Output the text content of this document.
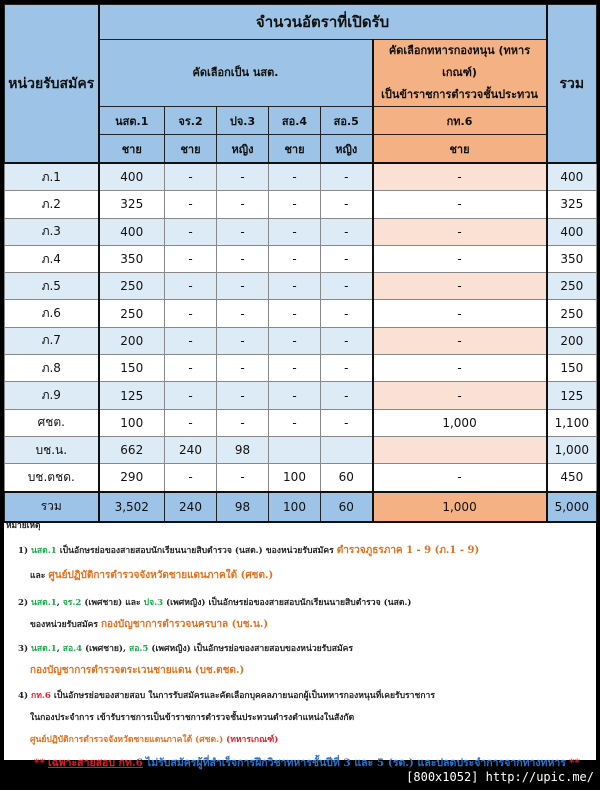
หน่วยรับสมัคร	จำนวนอัตราที่เปิดรับ						รวม
	คัดเลือกเป็น นสต.					คัดเลือกทหารกองหนุน (ทหารเกณฑ์)
เป็นข้าราชการตำรวจชั้นประทวน	

	นสต.1	จร.2	ปจ.3	สอ.4	สอ.5	กท.6	
	ชาย	ชาย	หญิง	ชาย	หญิง	ชาย	
ภ.1	400	-	-	-	-	-	400
ภ.2	325	-	-	-	-	-	325
ภ.3	400	-	-	-	-	-	400
ภ.4	350	-	-	-	-	-	350
ภ.5	250	-	-	-	-	-	250
ภ.6	250	-	-	-	-	-	250
ภ.7	200	-	-	-	-	-	200
ภ.8	150	-	-	-	-	-	150
ภ.9	125	-	-	-	-	-	125
ศชต.	100	-	-	-	-	1,000	1,100
บช.น.	662	240	98				1,000
บช.ตชด.	290	-	-	100	60	-	450
รวม	3,502	240	98	100	60	1,000	5,000
หมายเหตุ
1) นสต.1 เป็นอักษรย่อของสายสอบนักเรียนนายสิบตำรวจ (นสต.) ของหน่วยรับสมัคร ตำรวจภูธรภาค 1 - 9 (ภ.1 - 9)
และ ศูนย์ปฏิบัติการตำรวจจังหวัดชายแดนภาคใต้ (ศชต.)
2) นสต.1, จร.2 (เพศชาย) และ ปจ.3 (เพศหญิง) เป็นอักษรย่อของสายสอบนักเรียนนายสิบตำรวจ (นสต.)
ของหน่วยรับสมัคร กองบัญชาการตำรวจนครบาล (บช.น.)
3) นสต.1, สอ.4 (เพศชาย), สอ.5 (เพศหญิง) เป็นอักษรย่อของสายสอบของหน่วยรับสมัคร
กองบัญชาการตำรวจตระเวนชายแดน (บช.ตชด.)
4) กท.6 เป็นอักษรย่อของสายสอบ ในการรับสมัครและคัดเลือกบุคคลภายนอกผู้เป็นทหารกองหนุนที่เคยรับราชการ
ในกองประจำการ เข้ารับราชการเป็นข้าราชการตำรวจชั้นประทวนดำรงตำแหน่งในสังกัด
ศูนย์ปฏิบัติการตำรวจจังหวัดชายแดนภาคใต้ (ศชต.) (ทหารเกณฑ์)
** เฉพาะสายสอบ กท.6 ไม่รับสมัครผู้ที่สำเร็จการฝึกวิชาทหารชั้นปีที่ 3 และ 5 (รด.) และปลดประจำการจากทางทหาร **
[800x1052] http://upic.me/
